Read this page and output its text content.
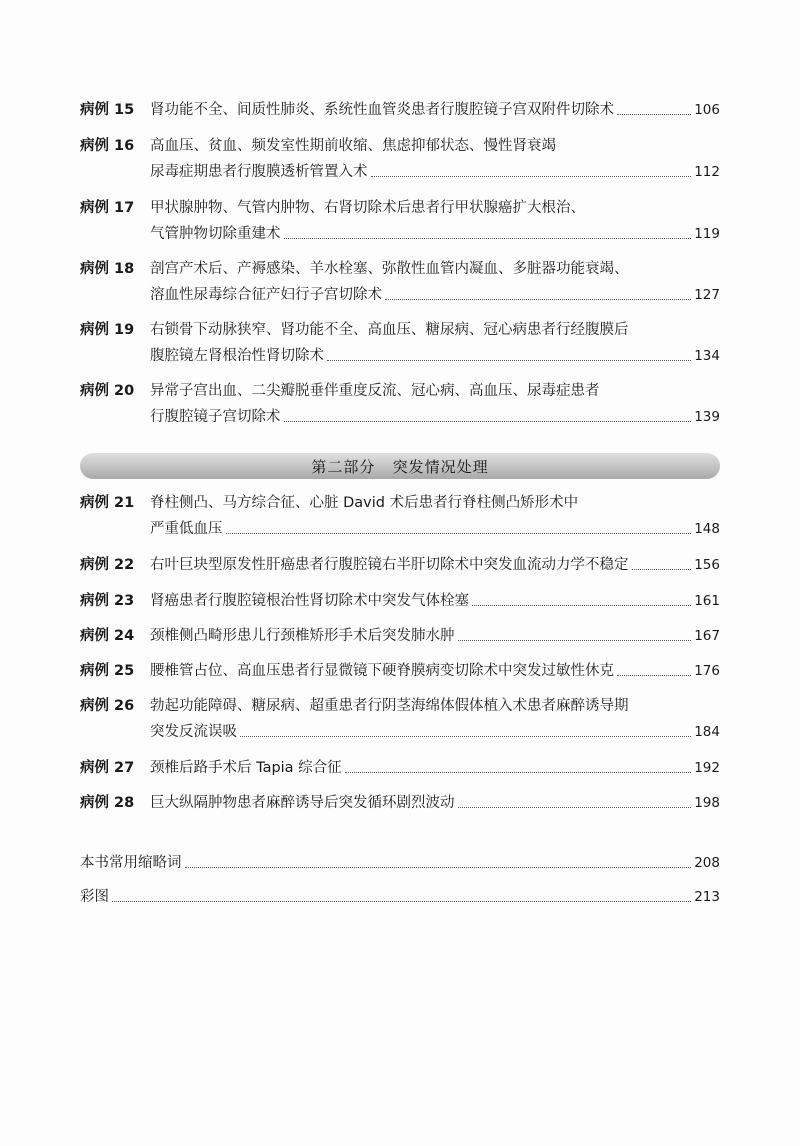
病例 15 肾功能不全、间质性肺炎、系统性血管炎患者行腹腔镜子宫双附件切除术	106
病例 16 高血压、贫血、频发室性期前收缩、焦虑抑郁状态、慢性肾衰竭
尿毒症期患者行腹膜透析管置入术	112
病例 17 甲状腺肿物、气管内肿物、右肾切除术后患者行甲状腺癌扩大根治、
气管肿物切除重建术	119
病例 18 剖宫产术后、产褥感染、羊水栓塞、弥散性血管内凝血、多脏器功能衰竭、
溶血性尿毒综合征产妇行子宫切除术	127
病例 19 右锁骨下动脉狭窄、肾功能不全、高血压、糖尿病、冠心病患者行经腹膜后
腹腔镜左肾根治性肾切除术	134
病例 20 异常子宫出血、二尖瓣脱垂伴重度反流、冠心病、高血压、尿毒症患者
行腹腔镜子宫切除术	139
第二部分
突发情况处理
病例 21 脊柱侧凸、马方综合征、心脏 David 术后患者行脊柱侧凸矫形术中
严重低血压	148
病例 22 右叶巨块型原发性肝癌患者行腹腔镜右半肝切除术中突发血流动力学不稳定	156
病例 23 肾癌患者行腹腔镜根治性肾切除术中突发气体栓塞	161
病例 24 颈椎侧凸畸形患儿行颈椎矫形手术后突发肺水肿	167
病例 25 腰椎管占位、高血压患者行显微镜下硬脊膜病变切除术中突发过敏性休克	176
病例 26 勃起功能障碍、糖尿病、超重患者行阴茎海绵体假体植入术患者麻醉诱导期
突发反流误吸	184
病例 27 颈椎后路手术后 Tapia 综合征	192
病例 28 巨大纵隔肿物患者麻醉诱导后突发循环剧烈波动	198
本书常用缩略词	208
彩图	213
